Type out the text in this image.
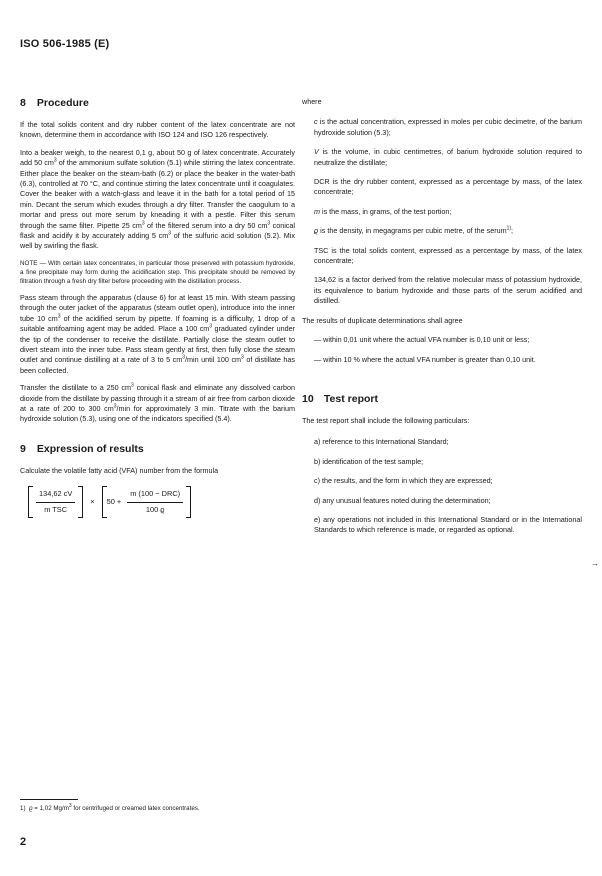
ISO 506-1985 (E)
8 Procedure

If the total solids content and dry rubber content of the latex concentrate are not known, determine them in accordance with ISO 124 and ISO 126 respectively.

Into a beaker weigh, to the nearest 0,1 g, about 50 g of latex concentrate. Accurately add 50 $cm^3$ of the ammonium sulfate solution (5.1) while stirring the latex concentrate. Either place the beaker on the steam-bath (6.2) or place the beaker in the water-bath (6.3), controlled at 70 °C, and continue stirring the latex concentrate until it coagulates. Cover the beaker with a watch-glass and leave it in the bath for a total period of 15 min. Decant the serum which exudes through a dry filter. Transfer the caogulum to a mortar and press out more serum by kneading it with a pestle. Filter this serum through the same filter. Pipette 25 $cm^3$ of the filtered serum into a dry 50 $cm^3$ conical flask and acidify it by accurately adding 5 $cm^3$ of the sulfuric acid solution (5.2). Mix well by swirling the flask.

NOTE — With certain latex concentrates, in particular those preserved with potassium hydroxide, a fine precipitate may form during the acidification step. This precipitate should be removed by filtration through a fresh dry filter before proceeding with the distillation process.

Pass steam through the apparatus (clause 6) for at least 15 min. With steam passing through the outer jacket of the apparatus (steam outlet open), introduce into the inner tube 10 $cm^3$ of the acidified serum by pipette. If foaming is a difficulty, 1 drop of a suitable antifoaming agent may be added. Place a 100 $cm^3$ graduated cylinder under the tip of the condenser to receive the distillate. Partially close the steam outlet to divert steam into the inner tube. Pass steam gently at first, then fully close the steam outlet and continue distilling at a rate of 3 to 5 $cm^3/\min$ until 100 $cm^3$ of distillate has been collected.

Transfer the distillate to a 250 $cm^3$ conical flask and eliminate any dissolved carbon dioxide from the distillate by passing through it a stream of air free from carbon dioxide at a rate of 200 to 300 $cm^3/\min$ for approximately 3 min. Titrate with the barium hydroxide solution (5.3), using one of the indicators specified (5.4).

9 Expression of results

Calculate the volatile fatty acid (VFA) number from the formula

$\frac{134,62 cV}{\text{m TSC}} \times 50 + \frac{\text{m (100 − DRC)}}{100 ϱ}$

where

c is the actual concentration, expressed in moles per cubic decimetre, of the barium hydroxide solution (5.3);

V is the volume, in cubic centimetres, of barium hydroxide solution required to neutralize the distillate;

DCR is the dry rubber content, expressed as a percentage by mass, of the latex concentrate;

m is the mass, in grams, of the test portion;

ϱ is the density, in megagrams per cubic metre, of the serum$^{1)}$;

TSC is the total solids content, expressed as a percentage by mass, of the latex concentrate;

134,62 is a factor derived from the relative molecular mass of potassium hydroxide, its equivalence to barium hydroxide and those parts of the serum acidified and distilled.

The results of duplicate determinations shall agree

— within 0,01 unit where the actual VFA number is 0,10 unit or less;

— within 10 % where the actual VFA number is greater than 0,10 unit.

10 Test report

The test report shall include the following particulars:

a) reference to this International Standard;

b) identification of the test sample;

c) the results, and the form in which they are expressed;

d) any unusual features noted during the determination;

e) any operations not included in this International Standard or in the International Standards to which reference is made, or regarded as optional.

→
1) ϱ = 1,02 $Mg/m^3$ for centrifuged or creamed latex concentrates.
2
